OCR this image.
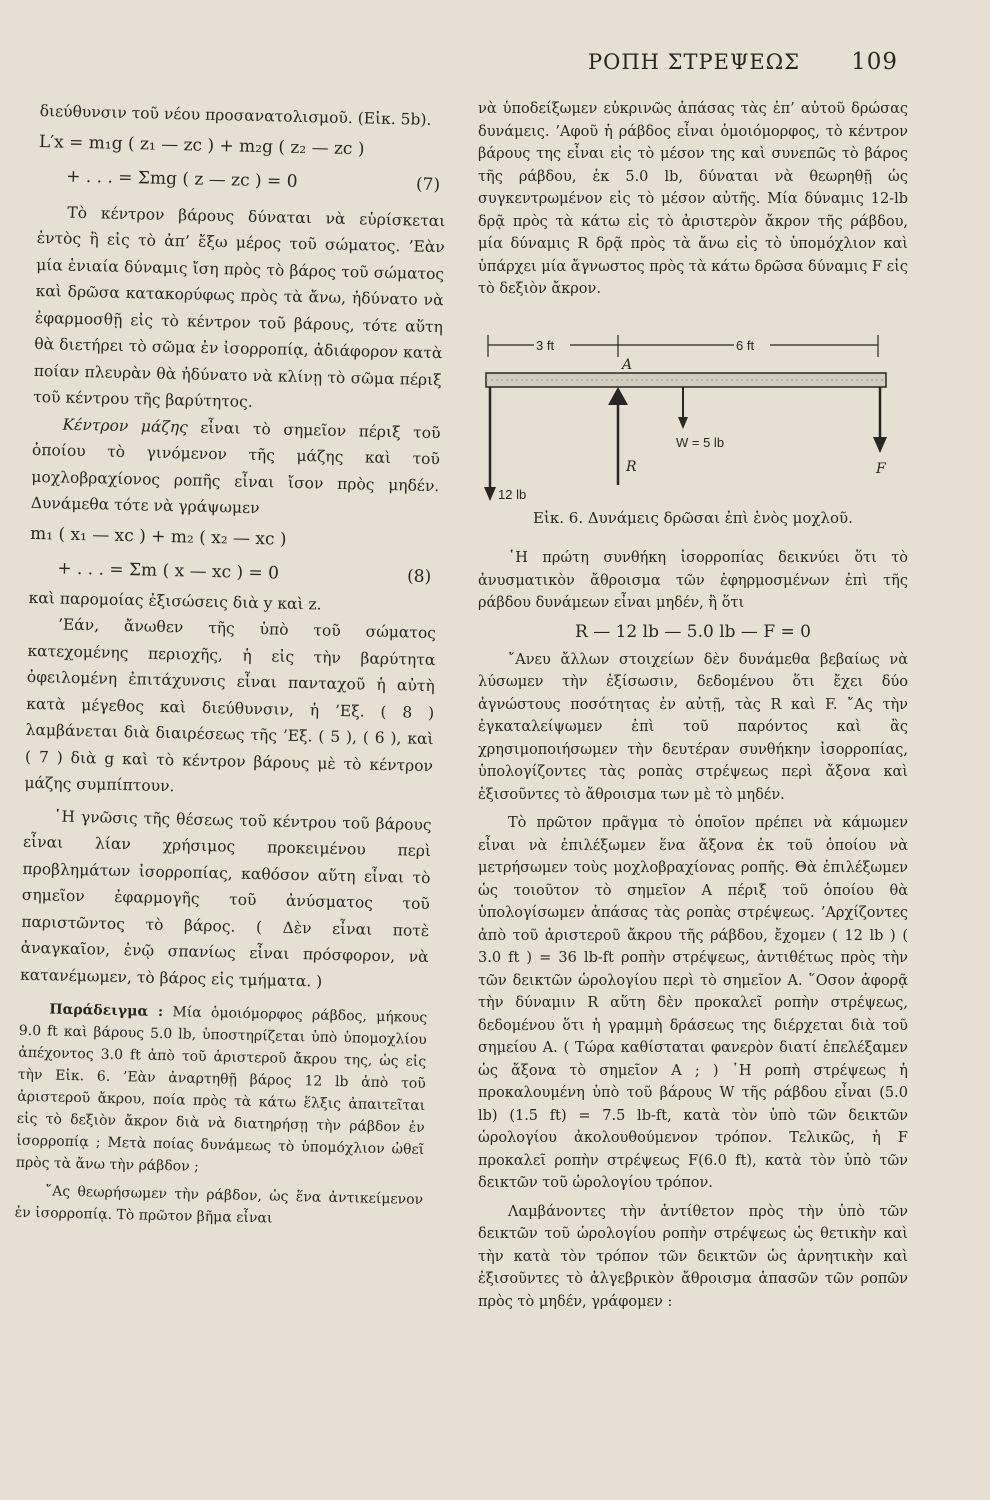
ΡΟΠΗ ΣΤΡΕΨΕΩΣ 109

διεύθυνσιν τοῦ νέου προσανατολισμοῦ. (Εἰκ. 5b).

L′x = m₁g ( z₁ — zc ) + m₂g ( z₂ — zc )
+ . . . = Σmg ( z — zc ) = 0	(7)

Τὸ κέντρον βάρους δύναται νὰ εὑρίσκεται ἐντὸς ἢ εἰς τὸ ἀπ’ ἔξω μέρος τοῦ σώματος. ’Εὰν μία ἑνιαία δύναμις ἴση πρὸς τὸ βάρος τοῦ σώματος καὶ δρῶσα κατακορύφως πρὸς τὰ ἄνω, ἠδύνατο νὰ ἐφαρμοσθῇ εἰς τὸ κέντρον τοῦ βάρους, τότε αὕτη θὰ διετήρει τὸ σῶμα ἐν ἰσορροπίᾳ, ἀδιάφορον κατὰ ποίαν πλευρὰν θὰ ἠδύνατο νὰ κλίνῃ τὸ σῶμα πέριξ τοῦ κέντρου τῆς βαρύτητος.

Κέντρον μάζης εἶναι τὸ σημεῖον πέριξ τοῦ ὁποίου τὸ γινόμενον τῆς μάζης καὶ τοῦ μοχλοβραχίονος ροπῆς εἶναι ἴσον πρὸς μηδέν. Δυνάμεθα τότε νὰ γράψωμεν

m₁ ( x₁ — xc ) + m₂ ( x₂ — xc )
+ . . . = Σm ( x — xc ) = 0	(8)

καὶ παρομοίας ἐξισώσεις διὰ y καὶ z.

’Εάν, ἄνωθεν τῆς ὑπὸ τοῦ σώματος κατεχομένης περιοχῆς, ἡ εἰς τὴν βαρύτητα ὀφειλομένη ἐπιτάχυνσις εἶναι πανταχοῦ ἡ αὐτὴ κατὰ μέγεθος καὶ διεύθυνσιν, ἡ ’Εξ. ( 8 ) λαμβάνεται διὰ διαιρέσεως τῆς ’Εξ. ( 5 ), ( 6 ), καὶ ( 7 ) διὰ g καὶ τὸ κέντρον βάρους μὲ τὸ κέντρον μάζης συμπίπτουν.

῾Η γνῶσις τῆς θέσεως τοῦ κέντρου τοῦ βάρους εἶναι λίαν χρήσιμος προκειμένου περὶ προβλημάτων ἰσορροπίας, καθόσον αὕτη εἶναι τὸ σημεῖον ἐφαρμογῆς τοῦ ἀνύσματος τοῦ παριστῶντος τὸ βάρος. ( Δὲν εἶναι ποτὲ ἀναγκαῖον, ἐνῷ σπανίως εἶναι πρόσφορον, νὰ κατανέμωμεν, τὸ βάρος εἰς τμήματα. )

Παράδειγμα : Μία ὁμοιόμορφος ράβδος, μήκους 9.0 ft καὶ βάρους 5.0 lb, ὑποστηρίζεται ὑπὸ ὑπομοχλίου ἀπέχοντος 3.0 ft ἀπὸ τοῦ ἀριστεροῦ ἄκρου της, ὡς εἰς τὴν Εἰκ. 6. ’Εὰν ἀναρτηθῇ βάρος 12 lb ἀπὸ τοῦ ἀριστεροῦ ἄκρου, ποία πρὸς τὰ κάτω ἕλξις ἀπαιτεῖται εἰς τὸ δεξιὸν ἄκρον διὰ νὰ διατηρήσῃ τὴν ράβδον ἐν ἰσορροπίᾳ ; Μετὰ ποίας δυνάμεως τὸ ὑπομόχλιον ὠθεῖ πρὸς τὰ ἄνω τὴν ράβδον ;

῎Ας θεωρήσωμεν τὴν ράβδον, ὡς ἕνα ἀντικείμενον ἐν ἰσορροπίᾳ. Τὸ πρῶτον βῆμα εἶναι

νὰ ὑποδείξωμεν εὐκρινῶς ἁπάσας τὰς ἐπ’ αὐτοῦ δρώσας δυνάμεις. ’Αφοῦ ἡ ράβδος εἶναι ὁμοιόμορφος, τὸ κέντρον βάρους της εἶναι εἰς τὸ μέσον της καὶ συνεπῶς τὸ βάρος τῆς ράβδου, ἐκ 5.0 lb, δύναται νὰ θεωρηθῇ ὡς συγκεντρωμένον εἰς τὸ μέσον αὐτῆς. Μία δύναμις 12-lb δρᾷ πρὸς τὰ κάτω εἰς τὸ ἀριστερὸν ἄκρον τῆς ράβδου, μία δύναμις R δρᾷ πρὸς τὰ ἄνω εἰς τὸ ὑπομόχλιον καὶ ὑπάρχει μία ἄγνωστος πρὸς τὰ κάτω δρῶσα δύναμις F εἰς τὸ δεξιὸν ἄκρον.

3 ft	6 ft
A
R
12 lb
W = 5 lb
F
Εἰκ. 6. Δυνάμεις δρῶσαι ἐπὶ ἑνὸς μοχλοῦ.

῾Η πρώτη συνθήκη ἰσορροπίας δεικνύει ὅτι τὸ ἀνυσματικὸν ἄθροισμα τῶν ἐφηρμοσμένων ἐπὶ τῆς ράβδου δυνάμεων εἶναι μηδέν, ἢ ὅτι

R — 12 lb — 5.0 lb — F = 0

῎Ανευ ἄλλων στοιχείων δὲν δυνάμεθα βεβαίως νὰ λύσωμεν τὴν ἐξίσωσιν, δεδομένου ὅτι ἔχει δύο ἀγνώστους ποσότητας ἐν αὐτῇ, τὰς R καὶ F. ῎Ας τὴν ἐγκαταλείψωμεν ἐπὶ τοῦ παρόντος καὶ ἂς χρησιμοποιήσωμεν τὴν δευτέραν συνθήκην ἰσορροπίας, ὑπολογίζοντες τὰς ροπὰς στρέψεως περὶ ἄξονα καὶ ἐξισοῦντες τὸ ἄθροισμα των μὲ τὸ μηδέν.

Τὸ πρῶτον πρᾶγμα τὸ ὁποῖον πρέπει νὰ κάμωμεν εἶναι νὰ ἐπιλέξωμεν ἕνα ἄξονα ἐκ τοῦ ὁποίου νὰ μετρήσωμεν τοὺς μοχλοβραχίονας ροπῆς. Θὰ ἐπιλέξωμεν ὡς τοιοῦτον τὸ σημεῖον A πέριξ τοῦ ὁποίου θὰ ὑπολογίσωμεν ἁπάσας τὰς ροπὰς στρέψεως. ’Αρχίζοντες ἀπὸ τοῦ ἀριστεροῦ ἄκρου τῆς ράβδου, ἔχομεν ( 12 lb ) ( 3.0 ft ) = 36 lb-ft ροπὴν στρέψεως, ἀντιθέτως πρὸς τὴν τῶν δεικτῶν ὡρολογίου περὶ τὸ σημεῖον A. ῞Οσον ἀφορᾷ τὴν δύναμιν R αὕτη δὲν προκαλεῖ ροπὴν στρέψεως, δεδομένου ὅτι ἡ γραμμὴ δράσεως της διέρχεται διὰ τοῦ σημείου A. ( Τώρα καθίσταται φανερὸν διατί ἐπελέξαμεν ὡς ἄξονα τὸ σημεῖον A ; ) ῾Η ροπὴ στρέψεως ἡ προκαλουμένη ὑπὸ τοῦ βάρους W τῆς ράβδου εἶναι (5.0 lb) (1.5 ft) = 7.5 lb-ft, κατὰ τὸν ὑπὸ τῶν δεικτῶν ὡρολογίου ἀκολουθούμενον τρόπον. Τελικῶς, ἡ F προκαλεῖ ροπὴν στρέψεως F(6.0 ft), κατὰ τὸν ὑπὸ τῶν δεικτῶν τοῦ ὡρολογίου τρόπον.

Λαμβάνοντες τὴν ἀντίθετον πρὸς τὴν ὑπὸ τῶν δεικτῶν τοῦ ὡρολογίου ροπὴν στρέψεως ὡς θετικὴν καὶ τὴν κατὰ τὸν τρόπον τῶν δεικτῶν ὡς ἀρνητικὴν καὶ ἐξισοῦντες τὸ ἀλγεβρικὸν ἄθροισμα ἁπασῶν τῶν ροπῶν πρὸς τὸ μηδέν, γράφομεν :
